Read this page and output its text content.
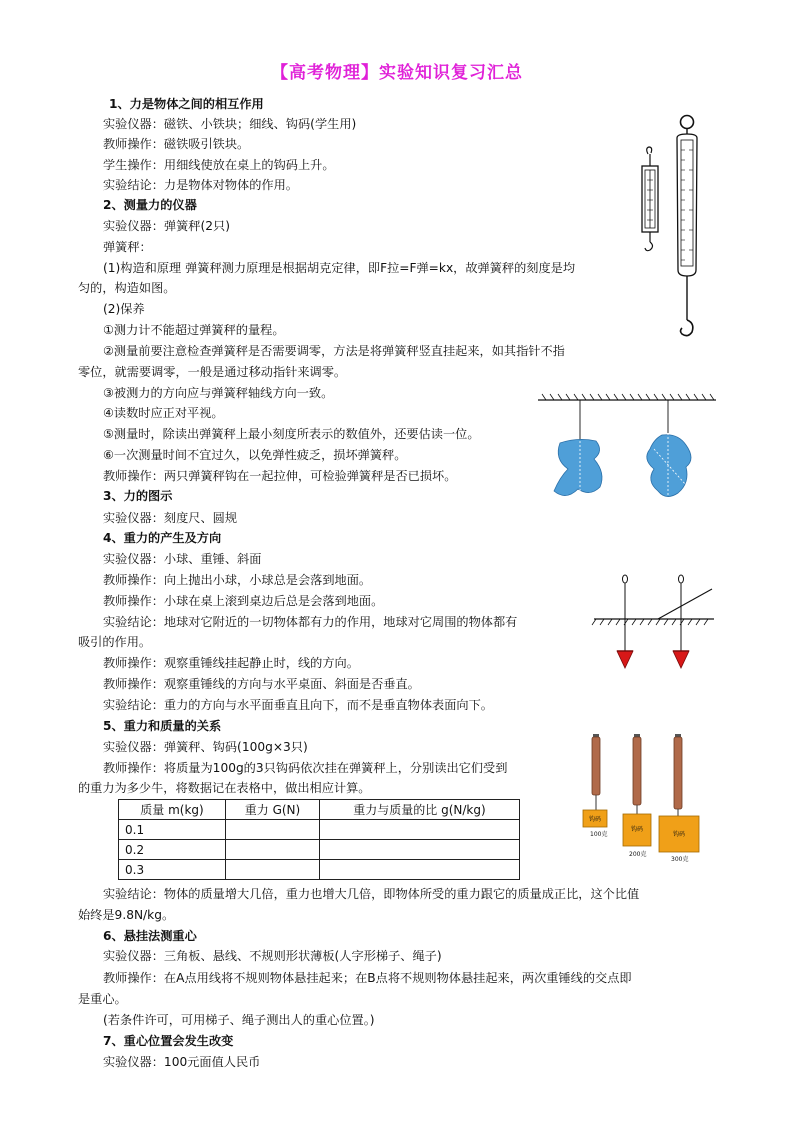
【高考物理】实验知识复习汇总
1、力是物体之间的相互作用
实验仪器：磁铁、小铁块；细线、钩码(学生用)
教师操作：磁铁吸引铁块。
学生操作：用细线使放在桌上的钩码上升。
实验结论：力是物体对物体的作用。
2、测量力的仪器
实验仪器：弹簧秤(2只)
弹簧秤：
(1)构造和原理 弹簧秤测力原理是根据胡克定律，即F拉=F弹=kx，故弹簧秤的刻度是均
匀的，构造如图。
(2)保养
①测力计不能超过弹簧秤的量程。
②测量前要注意检查弹簧秤是否需要调零，方法是将弹簧秤竖直挂起来，如其指针不指
零位，就需要调零，一般是通过移动指针来调零。
③被测力的方向应与弹簧秤轴线方向一致。
④读数时应正对平视。
⑤测量时，除读出弹簧秤上最小刻度所表示的数值外，还要估读一位。
⑥一次测量时间不宜过久，以免弹性疲乏，损坏弹簧秤。
教师操作：两只弹簧秤钩在一起拉伸，可检验弹簧秤是否已损坏。
3、力的图示
实验仪器：刻度尺、圆规
4、重力的产生及方向
实验仪器：小球、重锤、斜面
教师操作：向上抛出小球，小球总是会落到地面。
教师操作：小球在桌上滚到桌边后总是会落到地面。
实验结论：地球对它附近的一切物体都有力的作用，地球对它周围的物体都有
吸引的作用。
教师操作：观察重锤线挂起静止时，线的方向。
教师操作：观察重锤线的方向与水平桌面、斜面是否垂直。
实验结论：重力的方向与水平面垂直且向下，而不是垂直物体表面向下。
5、重力和质量的关系
实验仪器：弹簧秤、钩码(100g×3只)
教师操作：将质量为100g的3只钩码依次挂在弹簧秤上，分别读出它们受到
的重力为多少牛，将数据记在表格中，做出相应计算。
质量 m(kg)	重力 G(N)	重力与质量的比 g(N/kg)
0.1		
0.2		
0.3		
实验结论：物体的质量增大几倍，重力也增大几倍，即物体所受的重力跟它的质量成正比，这个比值
始终是9.8N/kg。
6、悬挂法测重心
实验仪器：三角板、悬线、不规则形状薄板(人字形梯子、绳子)
教师操作：在A点用线将不规则物体悬挂起来；在B点将不规则物体悬挂起来，两次重锤线的交点即
是重心。
(若条件许可，可用梯子、绳子测出人的重心位置。)
7、重心位置会发生改变
实验仪器：100元面值人民币
钩码
100克
钩码
200克
钩码
300克
